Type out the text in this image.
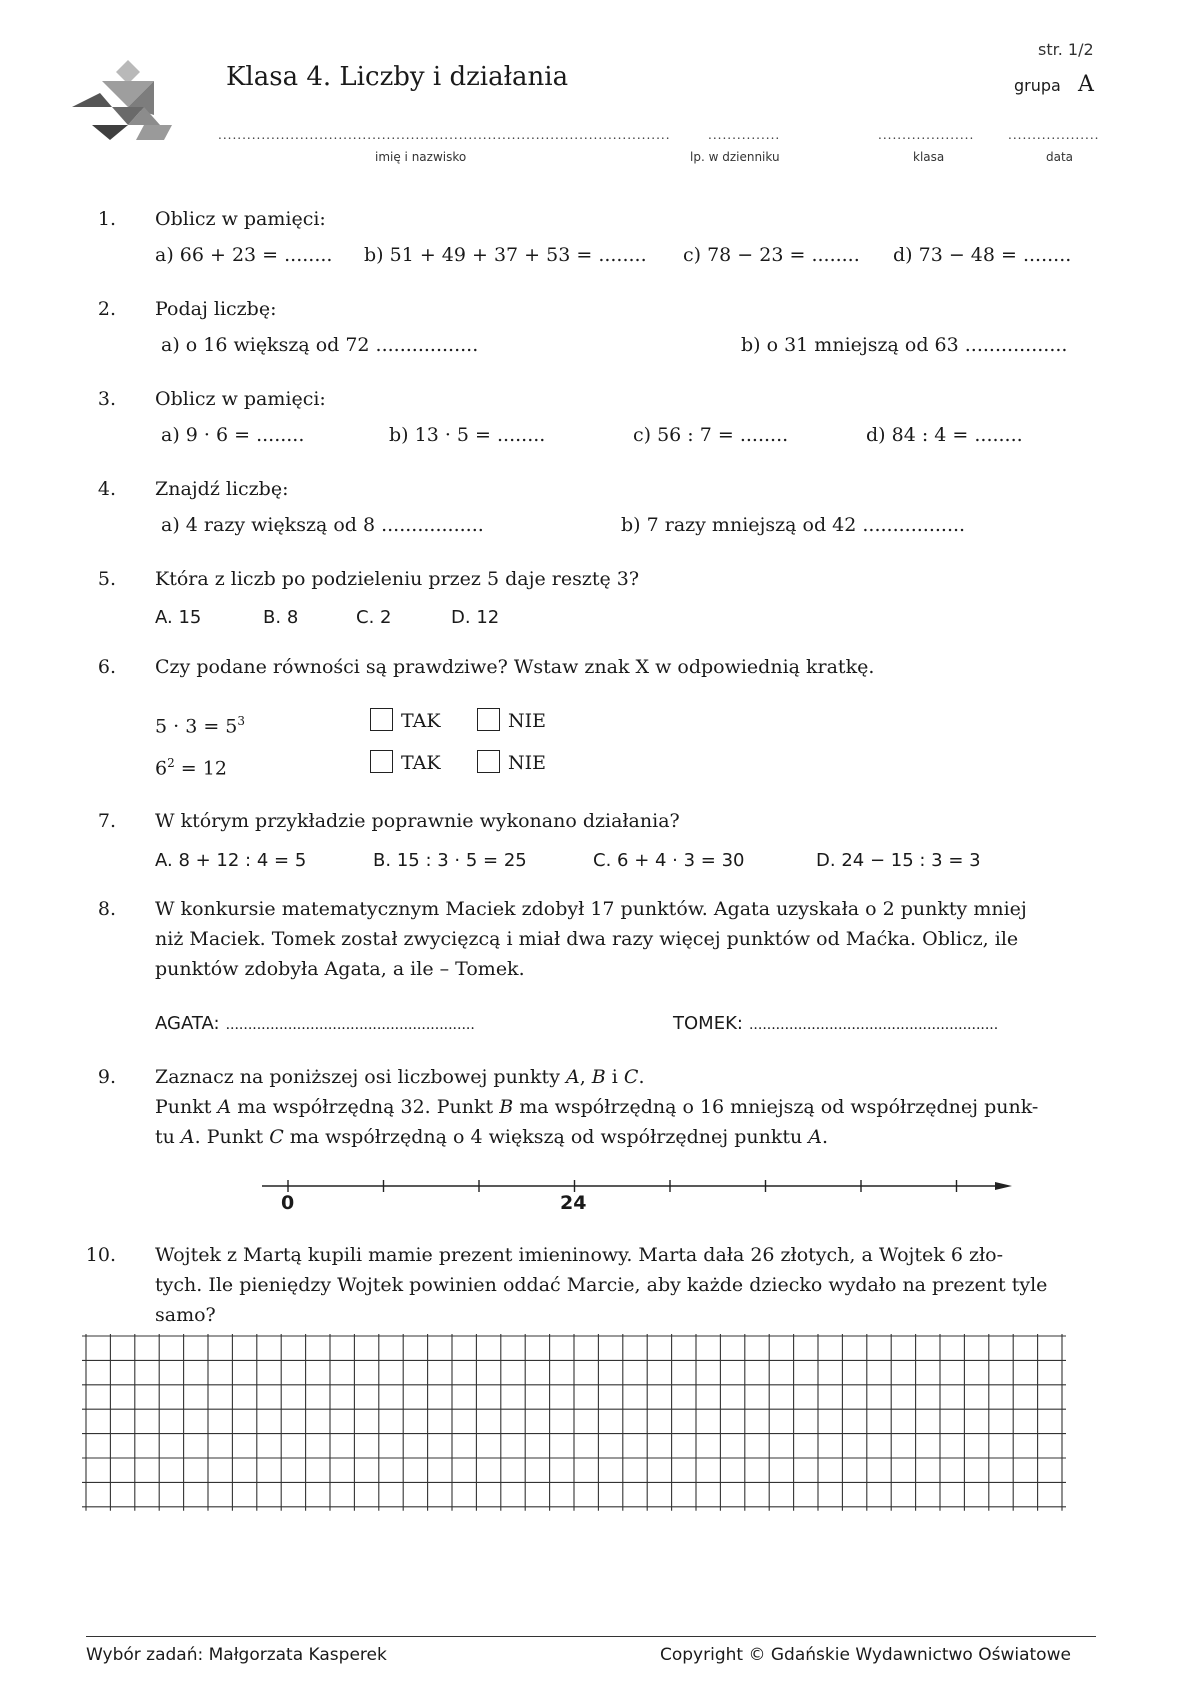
Klasa 4. Liczby i działania
str. 1/2
grupa A
..............................................................................................
imię i nazwisko
...............
lp. w dzienniku
....................
klasa
...................
data
1. Oblicz w pamięci:
a) 66 + 23 = ........ b) 51 + 49 + 37 + 53 = ........ c) 78 − 23 = ........ d) 73 − 48 = ........
2. Podaj liczbę:
a) o 16 większą od 72 .................	b) o 31 mniejszą od 63 .................
3. Oblicz w pamięci:
a) 9 · 6 = ........	b) 13 · 5 = ........	c) 56 : 7 = ........	d) 84 : 4 = ........
4. Znajdź liczbę:
a) 4 razy większą od 8 .................	b) 7 razy mniejszą od 42 .................
5. Która z liczb po podzieleniu przez 5 daje resztę 3?
A. 15	B. 8	C. 2	D. 12
6. Czy podane równości są prawdziwe? Wstaw znak X w odpowiednią kratkę.
$5 \cdot 3 = 5^3$	TAK	NIE
$6^2 = 12$	TAK	NIE
7. W którym przykładzie poprawnie wykonano działania?
A. 8 + 12 : 4 = 5	B. 15 : 3 · 5 = 25	C. 6 + 4 · 3 = 30	D. 24 − 15 : 3 = 3
8. W konkursie matematycznym Maciek zdobył 17 punktów. Agata uzyskała o 2 punkty mniej
niż Maciek. Tomek został zwycięzcą i miał dwa razy więcej punktów od Maćka. Oblicz, ile
punktów zdobyła Agata, a ile – Tomek.
AGATA: ........................................................	TOMEK: ........................................................
9. Zaznacz na poniższej osi liczbowej punkty A, B i C.
Punkt A ma współrzędną 32. Punkt B ma współrzędną o 16 mniejszą od współrzędnej punk-
tu A. Punkt C ma współrzędną o 4 większą od współrzędnej punktu A.
0	24
10. Wojtek z Martą kupili mamie prezent imieninowy. Marta dała 26 złotych, a Wojtek 6 zło-
tych. Ile pieniędzy Wojtek powinien oddać Marcie, aby każde dziecko wydało na prezent tyle
samo?
Wybór zadań: Małgorzata Kasperek	Copyright © Gdańskie Wydawnictwo Oświatowe
